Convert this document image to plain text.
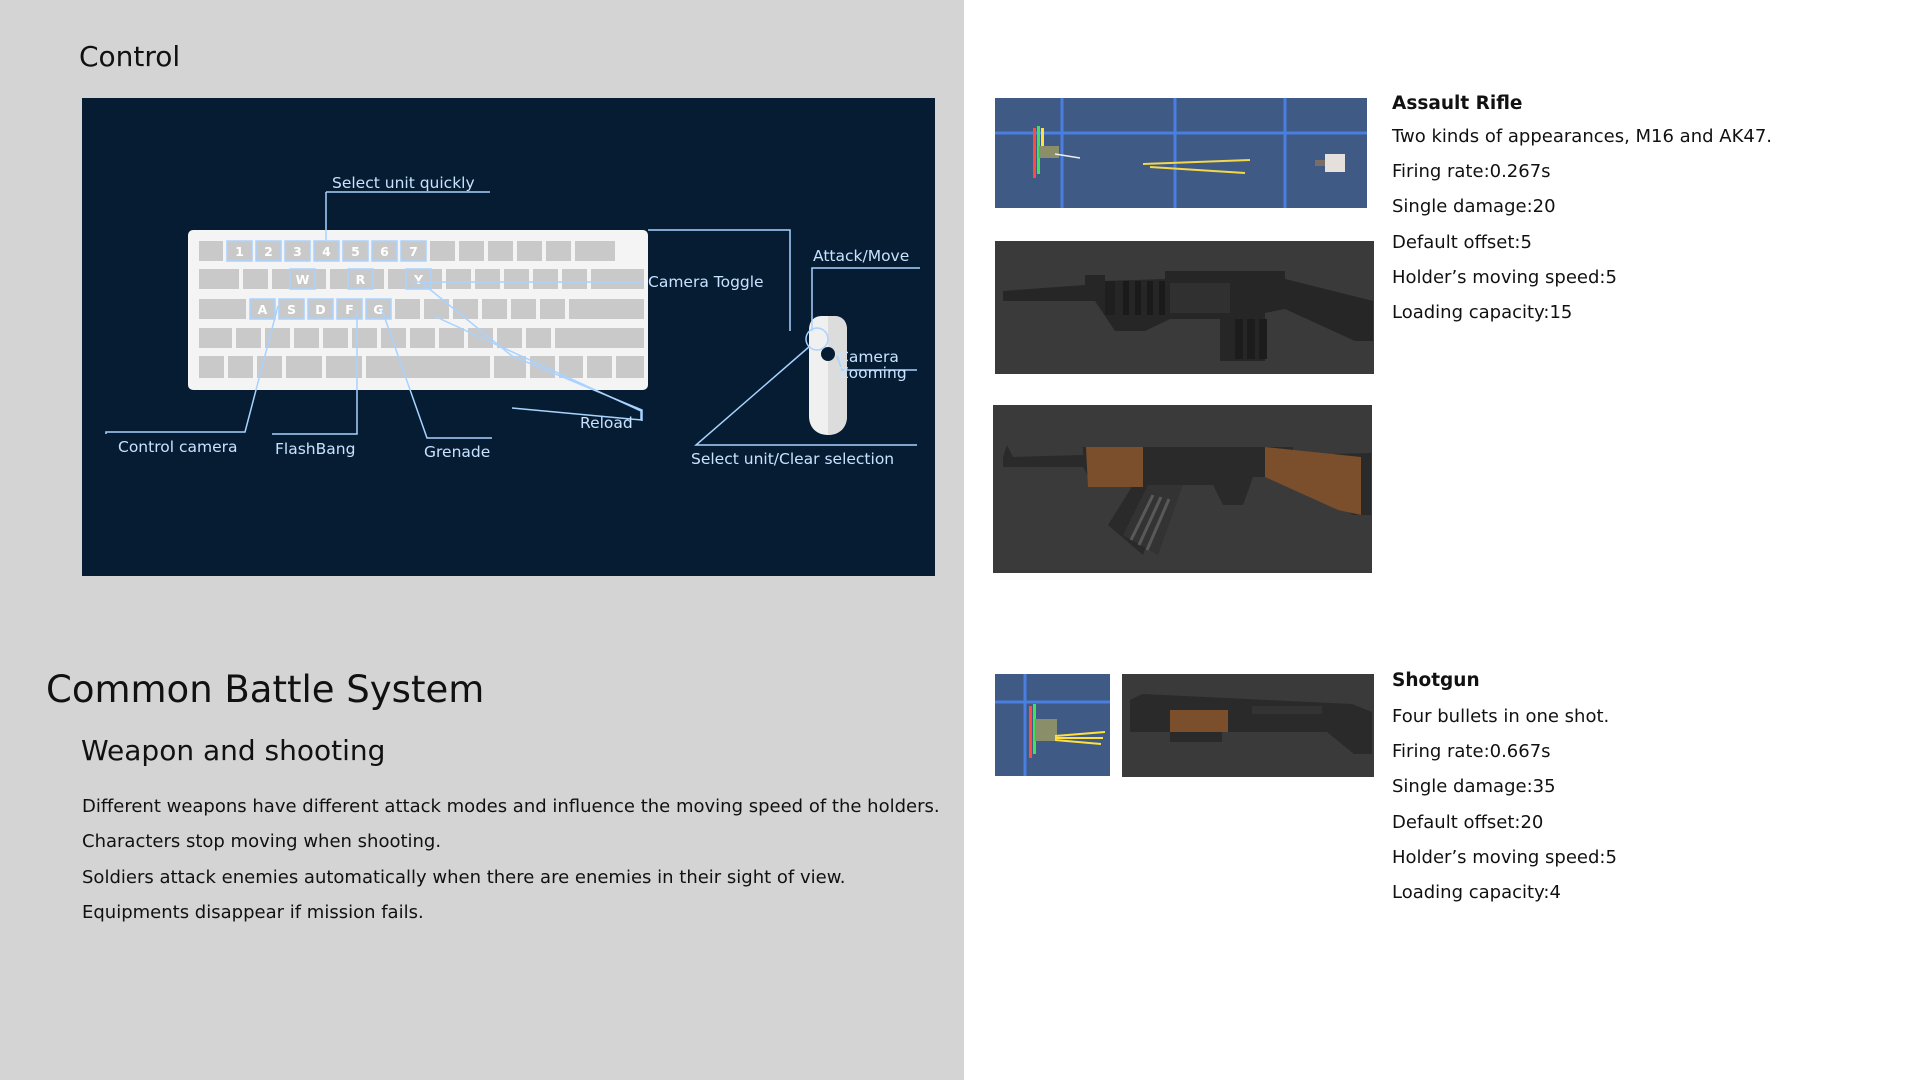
Control
1 2 3 4 5 6 7
W	R	Y
A S D F G
Select unit quickly
Camera Toggle
Attack/Move
Camera
Zooming
Reload
Control camera FlashBang	Grenade	Select unit/Clear selection
Common Battle System
Weapon and shooting
Different weapons have different attack modes and influence the moving speed of the holders.
Characters stop moving when shooting.
Soldiers attack enemies automatically when there are enemies in their sight of view.
Equipments disappear if mission fails.
Assault Rifle
Two kinds of appearances, M16 and AK47.
Firing rate:0.267s
Single damage:20
Default offset:5
Holder’s moving speed:5
Loading capacity:15
Shotgun
Four bullets in one shot.
Firing rate:0.667s
Single damage:35
Default offset:20
Holder’s moving speed:5
Loading capacity:4
